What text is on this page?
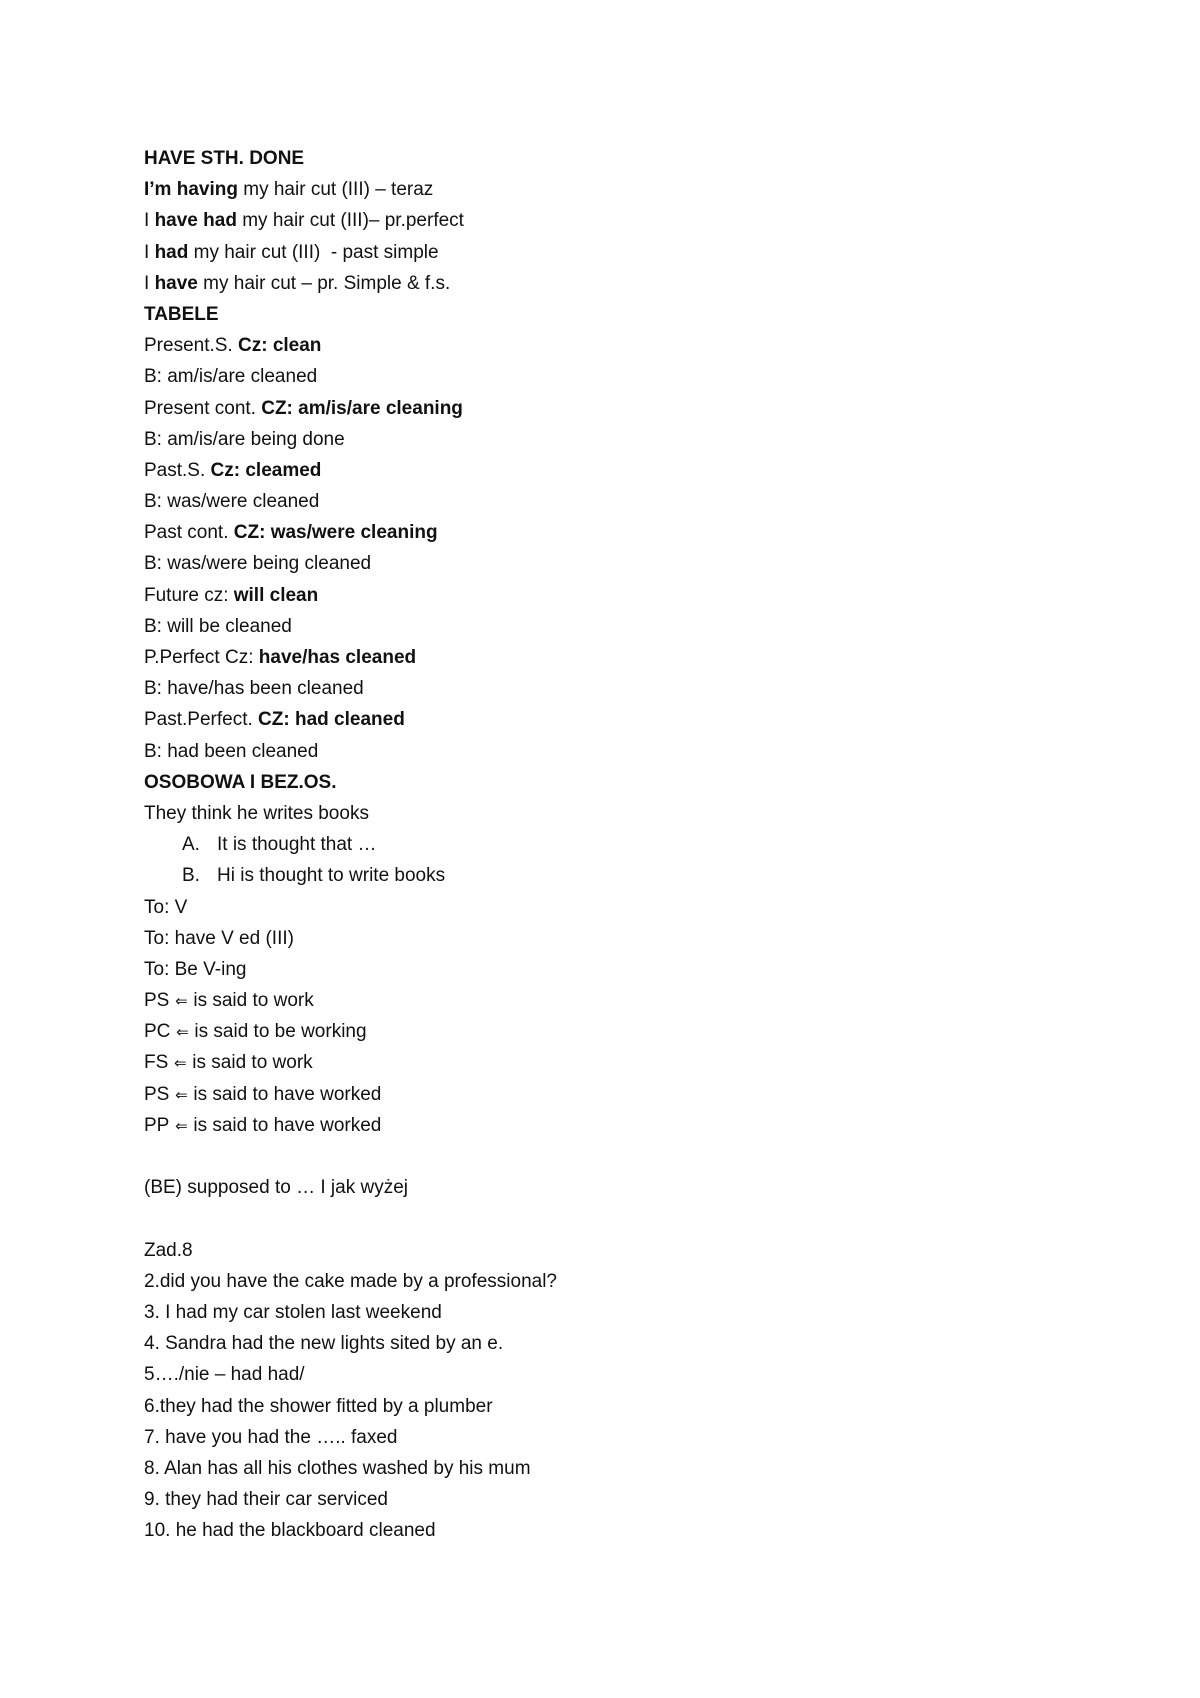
HAVE STH. DONE
I’m having my hair cut (III) – teraz
I have had my hair cut (III)– pr.perfect
I had my hair cut (III)  - past simple
I have my hair cut – pr. Simple & f.s.
TABELE
Present.S. Cz: clean
B: am/is/are cleaned
Present cont. CZ: am/is/are cleaning
B: am/is/are being done
Past.S. Cz: cleamed
B: was/were cleaned
Past cont. CZ: was/were cleaning
B: was/were being cleaned
Future cz: will clean
B: will be cleaned
P.Perfect Cz: have/has cleaned
B: have/has been cleaned
Past.Perfect. CZ: had cleaned
B: had been cleaned
OSOBOWA I BEZ.OS.
They think he writes books
A. It is thought that …
B. Hi is thought to write books
To: V
To: have V ed (III)
To: Be V-ing
PS ⇐ is said to work
PC ⇐ is said to be working
FS ⇐ is said to work
PS ⇐ is said to have worked
PP ⇐ is said to have worked
(BE) supposed to … I jak wyżej
Zad.8
2.did you have the cake made by a professional?
3. I had my car stolen last weekend
4. Sandra had the new lights sited by an e.
5…./nie – had had/
6.they had the shower fitted by a plumber
7. have you had the ….. faxed
8. Alan has all his clothes washed by his mum
9. they had their car serviced
10. he had the blackboard cleaned
